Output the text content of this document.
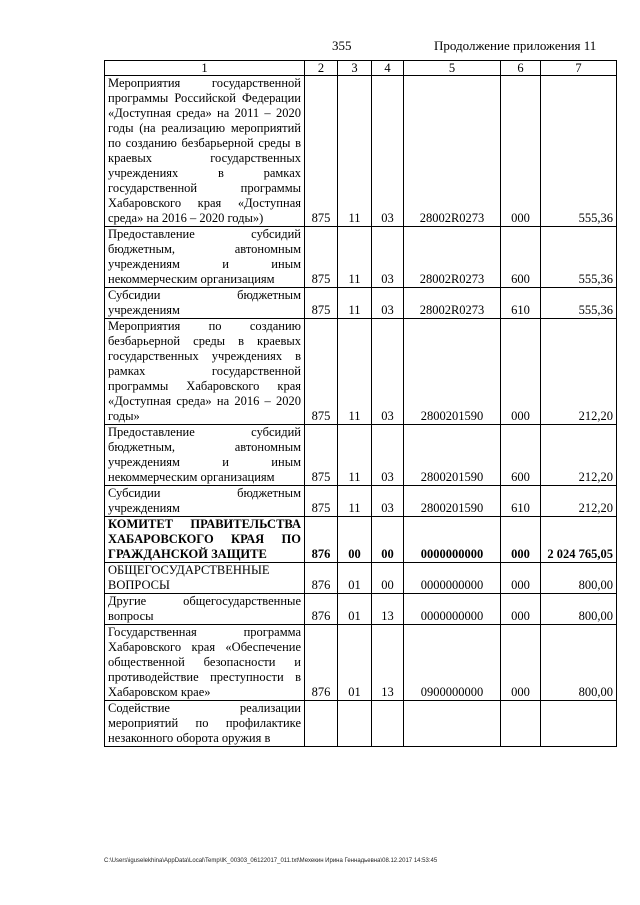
355	Продолжение приложения 11
1	2	3	4	5	6	7
Мероприятия государственной программы Российской Федерации «Доступная среда» на 2011 – 2020 годы (на реализацию мероприятий по созданию безбарьерной среды в краевых государственных учреждениях в рамках государственной программы Хабаровского края «Доступная среда» на 2016 – 2020 годы»)	875	11	03	28002R0273	000	555,36
Предоставление субсидий бюджетным, автономным учреждениям и иным некоммерческим организациям	875	11	03	28002R0273	600	555,36
Субсидии бюджетным учреждениям	875	11	03	28002R0273	610	555,36
Мероприятия по созданию безбарьерной среды в краевых государственных учреждениях в рамках государственной программы Хабаровского края «Доступная среда» на 2016 – 2020 годы»	875	11	03	2800201590	000	212,20
Предоставление субсидий бюджетным, автономным учреждениям и иным некоммерческим организациям	875	11	03	2800201590	600	212,20
Субсидии бюджетным учреждениям	875	11	03	2800201590	610	212,20
КОМИТЕТ ПРАВИТЕЛЬСТВА ХАБАРОВСКОГО КРАЯ ПО ГРАЖДАНСКОЙ ЗАЩИТЕ	876	00	00	0000000000	000	2 024 765,05
ОБЩЕГОСУДАРСТВЕННЫЕ ВОПРОСЫ	876	01	00	0000000000	000	800,00
Другие общегосударственные вопросы	876	01	13	0000000000	000	800,00
Государственная программа Хабаровского края «Обеспечение общественной безопасности и противодействие преступности в Хабаровском крае»	876	01	13	0900000000	000	800,00
Содействие реализации мероприятий по профилактике незаконного оборота оружия в						
C:\Users\iguselekhina\AppData\Local\Temp\IK_00303_06122017_011.txt\Мехекин Ирина Геннадьевна\08.12.2017 14:53:45
